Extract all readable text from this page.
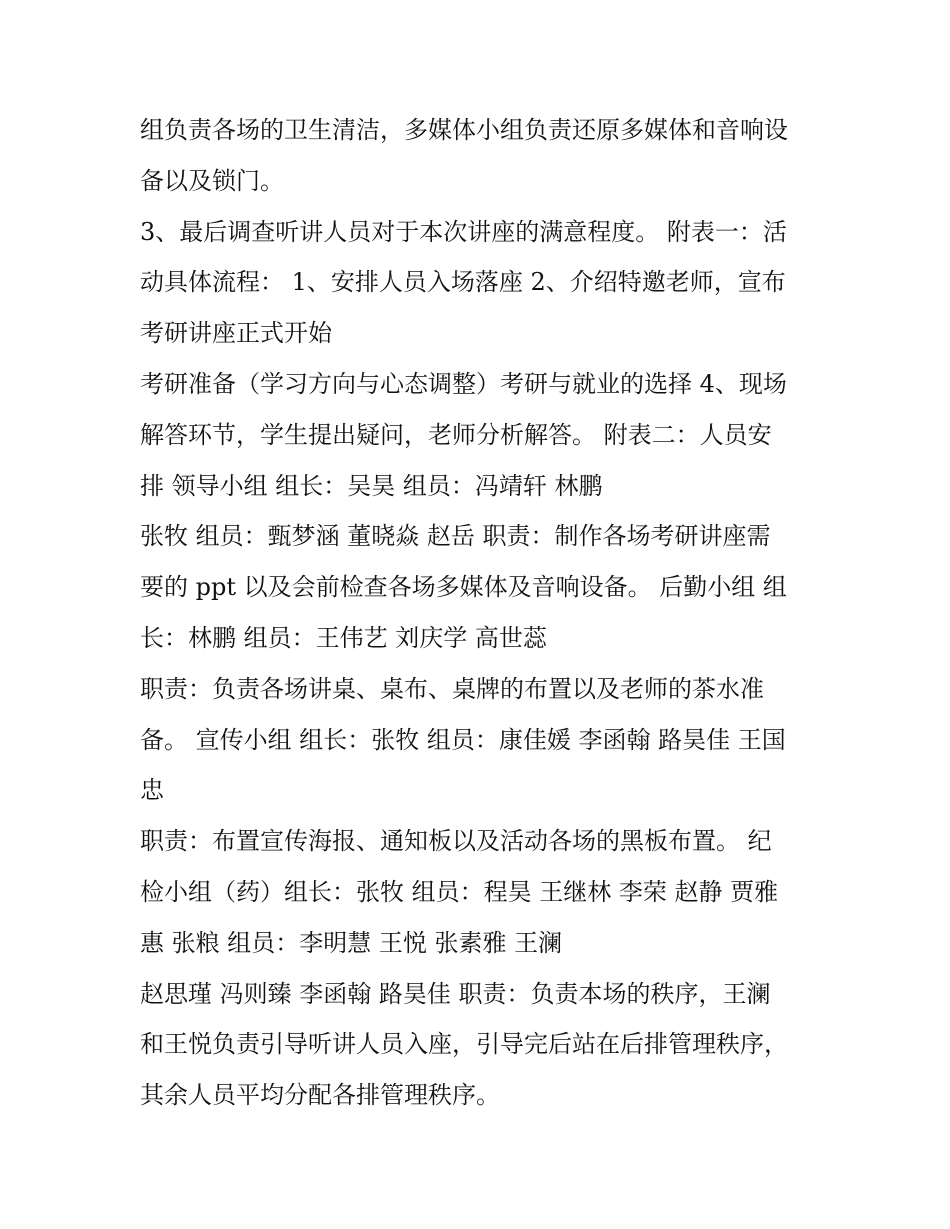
组负责各场的卫生清洁，多媒体小组负责还原多媒体和音响设
备以及锁门。
3、最后调查听讲人员对于本次讲座的满意程度。 附表一：活
动具体流程： 1、安排人员入场落座 2、介绍特邀老师，宣布
考研讲座正式开始
考研准备（学习方向与心态调整）考研与就业的选择 4、现场
解答环节，学生提出疑问，老师分析解答。 附表二：人员安
排 领导小组 组长：吴昊 组员：冯靖轩 林鹏
张牧 组员：甄梦涵 董晓焱 赵岳 职责：制作各场考研讲座需
要的 ppt 以及会前检查各场多媒体及音响设备。 后勤小组 组
长：林鹏 组员：王伟艺 刘庆学 高世蕊
职责：负责各场讲桌、桌布、桌牌的布置以及老师的茶水准
备。 宣传小组 组长：张牧 组员：康佳媛 李函翰 路昊佳 王国
忠
职责：布置宣传海报、通知板以及活动各场的黑板布置。 纪
检小组（药）组长：张牧 组员：程昊 王继林 李荣 赵静 贾雅
惠 张粮 组员：李明慧 王悦 张素雅 王澜
赵思瑾 冯则臻 李函翰 路昊佳 职责：负责本场的秩序，王澜
和王悦负责引导听讲人员入座，引导完后站在后排管理秩序，
其余人员平均分配各排管理秩序。
